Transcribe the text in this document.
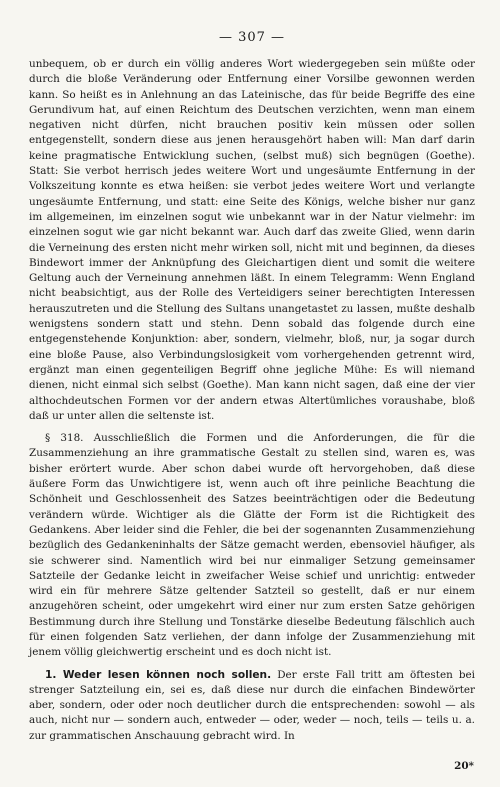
— 307 —

unbequem, ob er durch ein völlig anderes Wort wiedergegeben sein müßte oder durch die bloße Veränderung oder Entfernung einer Vorsilbe gewonnen werden kann. So heißt es in Anlehnung an das Lateinische, das für beide Begriffe des eine Gerundivum hat, auf einen Reichtum des Deutschen verzichten, wenn man einem negativen nicht dürfen, nicht brauchen positiv kein müssen oder sollen entgegenstellt, sondern diese aus jenen herausgehört haben will: Man darf darin keine pragmatische Entwicklung suchen, (selbst muß) sich begnügen (Goethe). Statt: Sie verbot herrisch jedes weitere Wort und ungesäumte Entfernung in der Volkszeitung konnte es etwa heißen: sie verbot jedes weitere Wort und verlangte ungesäumte Entfernung, und statt: eine Seite des Königs, welche bisher nur ganz im allgemeinen, im einzelnen sogut wie unbekannt war in der Natur vielmehr: im einzelnen sogut wie gar nicht bekannt war. Auch darf das zweite Glied, wenn darin die Verneinung des ersten nicht mehr wirken soll, nicht mit und beginnen, da dieses Bindewort immer der Anknüpfung des Gleichartigen dient und somit die weitere Geltung auch der Verneinung annehmen läßt. In einem Telegramm: Wenn England nicht beabsichtigt, aus der Rolle des Verteidigers seiner berechtigten Interessen herauszutreten und die Stellung des Sultans unangetastet zu lassen, mußte deshalb wenigstens sondern statt und stehn. Denn sobald das folgende durch eine entgegenstehende Konjunktion: aber, sondern, vielmehr, bloß, nur, ja sogar durch eine bloße Pause, also Verbindungslosigkeit vom vorhergehenden getrennt wird, ergänzt man einen gegenteiligen Begriff ohne jegliche Mühe: Es will niemand dienen, nicht einmal sich selbst (Goethe). Man kann nicht sagen, daß eine der vier althochdeutschen Formen vor der andern etwas Altertümliches voraushabe, bloß daß ur unter allen die seltenste ist.

§ 318. Ausschließlich die Formen und die Anforderungen, die für die Zusammenziehung an ihre grammatische Gestalt zu stellen sind, waren es, was bisher erörtert wurde. Aber schon dabei wurde oft hervorgehoben, daß diese äußere Form das Unwichtigere ist, wenn auch oft ihre peinliche Beachtung die Schönheit und Geschlossenheit des Satzes beeinträchtigen oder die Bedeutung verändern würde. Wichtiger als die Glätte der Form ist die Richtigkeit des Gedankens. Aber leider sind die Fehler, die bei der sogenannten Zusammenziehung bezüglich des Gedankeninhalts der Sätze gemacht werden, ebensoviel häufiger, als sie schwerer sind. Namentlich wird bei nur einmaliger Setzung gemeinsamer Satzteile der Gedanke leicht in zweifacher Weise schief und unrichtig: entweder wird ein für mehrere Sätze geltender Satzteil so gestellt, daß er nur einem anzugehören scheint, oder umgekehrt wird einer nur zum ersten Satze gehörigen Bestimmung durch ihre Stellung und Tonstärke dieselbe Bedeutung fälschlich auch für einen folgenden Satz verliehen, der dann infolge der Zusammenziehung mit jenem völlig gleichwertig erscheint und es doch nicht ist.

1. Weder lesen können noch sollen. Der erste Fall tritt am öftesten bei strenger Satzteilung ein, sei es, daß diese nur durch die einfachen Bindewörter aber, sondern, oder oder noch deutlicher durch die entsprechenden: sowohl — als auch, nicht nur — sondern auch, entweder — oder, weder — noch, teils — teils u. a. zur grammatischen Anschauung gebracht wird. In

20*
